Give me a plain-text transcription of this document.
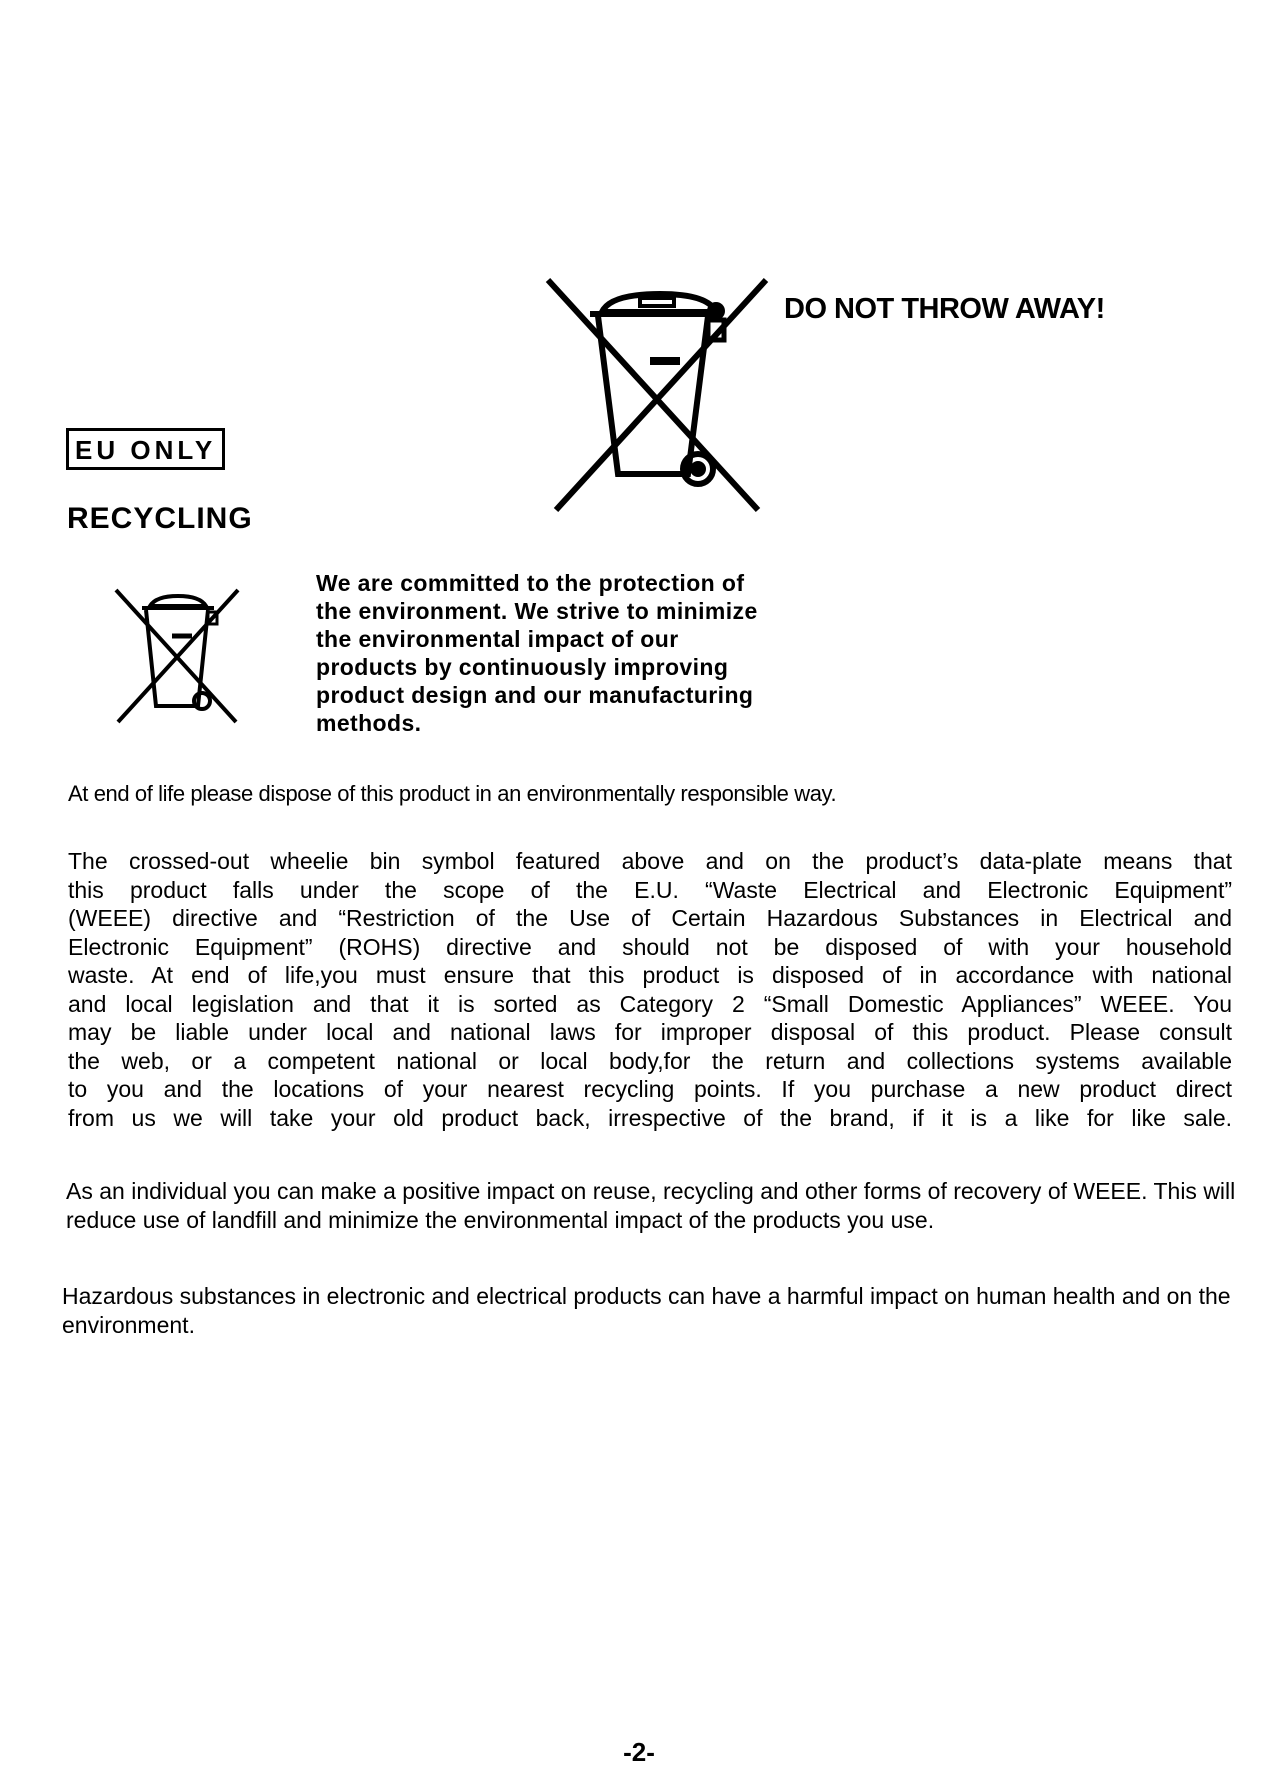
DO NOT THROW AWAY!
EU ONLY
RECYCLING
We are committed to the protection of
the environment. We strive to minimize
the environmental impact of our
products by continuously improving
product design and our manufacturing
methods.
At end of life please dispose of this product in an environmentally responsible way.
The crossed-out wheelie bin symbol featured above and on the product’s data-plate means that
this product falls under the scope of the E.U. “Waste Electrical and Electronic Equipment”
(WEEE) directive and “Restriction of the Use of Certain Hazardous Substances in Electrical and
Electronic Equipment” (ROHS) directive and should not be disposed of with your household
waste. At end of life,you must ensure that this product is disposed of in accordance with national
and local legislation and that it is sorted as Category 2 “Small Domestic Appliances” WEEE. You
may be liable under local and national laws for improper disposal of this product. Please consult
the web, or a competent national or local body,for the return and collections systems available
to you and the locations of your nearest recycling points. If you purchase a new product direct
from us we will take your old product back, irrespective of the brand, if it is a like for like sale.
As an individual you can make a positive impact on reuse, recycling and other forms of recovery of WEEE. This will reduce use of landfill and minimize the environmental impact of the products you use.
Hazardous substances in electronic and electrical products can have a harmful impact on human health and on the environment.
-2-
